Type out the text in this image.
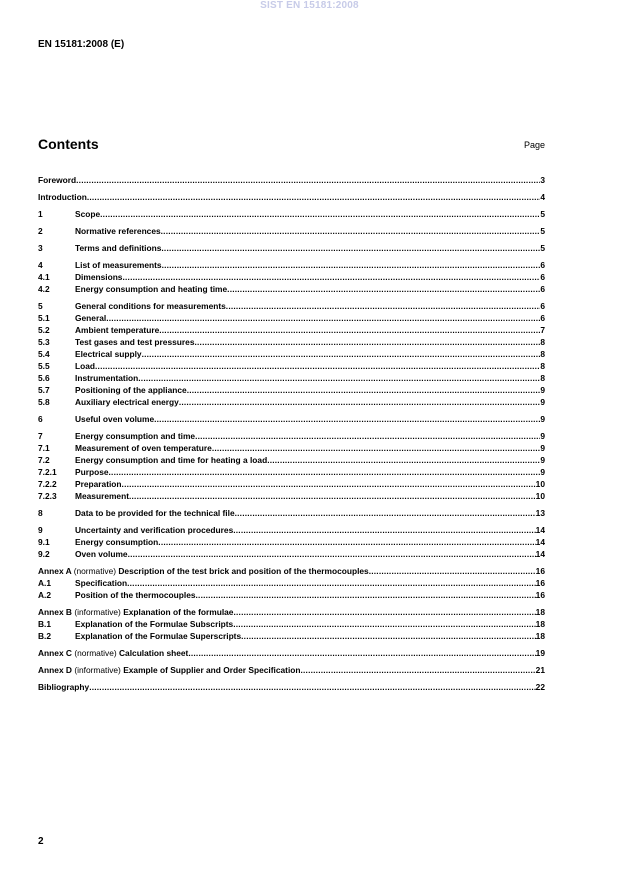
SIST EN 15181:2008
EN 15181:2008 (E)
Contents	Page
Foreword .....	3
Introduction .....	4
1	Scope .....	5
2	Normative references .....	5
3	Terms and definitions .....	5
4	List of measurements .....	6
4.1	Dimensions .....	6
4.2	Energy consumption and heating time .....	6
5	General conditions for measurements .....	6
5.1	General .....	6
5.2	Ambient temperature .....	7
5.3	Test gases and test pressures .....	8
5.4	Electrical supply .....	8
5.5	Load .....	8
5.6	Instrumentation .....	8
5.7	Positioning of the appliance .....	9
5.8	Auxiliary electrical energy .....	9
6	Useful oven volume .....	9
7	Energy consumption and time .....	9
7.1	Measurement of oven temperature .....	9
7.2	Energy consumption and time for heating a load .....	9
7.2.1	Purpose .....	9
7.2.2	Preparation .....	10
7.2.3	Measurement .....	10
8	Data to be provided for the technical file .....	13
9	Uncertainty and verification procedures .....	14
9.1	Energy consumption .....	14
9.2	Oven volume .....	14
Annex A (normative) Description of the test brick and position of the thermocouples .....	16
A.1	Specification .....	16
A.2	Position of the thermocouples .....	16
Annex B (informative) Explanation of the formulae .....	18
B.1	Explanation of the Formulae Subscripts .....	18
B.2	Explanation of the Formulae Superscripts .....	18
Annex C (normative) Calculation sheet .....	19
Annex D (informative) Example of Supplier and Order Specification .....	21
Bibliography .....	22
2
